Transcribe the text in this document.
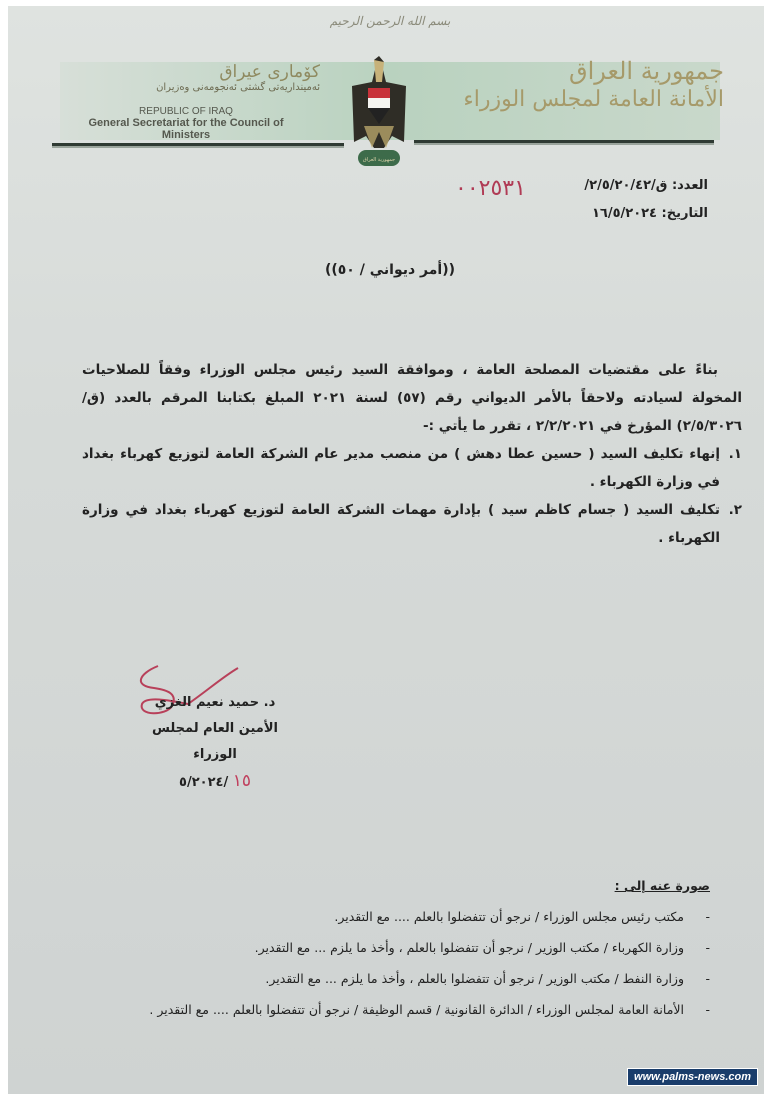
بسم الله الرحمن الرحيم
جمهورية العراق
الأمانة العامة لمجلس الوزراء
کۆماری عیراق
ئەمینداریەتی گشتی ئەنجومەنی وەزیران
REPUBLIC OF IRAQ
General Secretariat for the Council of Ministers
جمهورية العراق
العدد: ق/٢/٥/٢٠/٤٢/
٠٠٢٥٣١
التاريخ: ١٦/٥/٢٠٢٤
((أمر ديواني / ٥٠))

بناءً على مقتضيات المصلحة العامة ، وموافقة السيد رئيس مجلس الوزراء وفقاً للصلاحيات المخولة لسيادته ولاحقاً بالأمر الديواني رقم (٥٧) لسنة ٢٠٢١ المبلغ بكتابنا المرقم بالعدد (ق/٢/٥/٣٠٢٦) المؤرخ في ٢/٢/٢٠٢١ ، تقرر ما يأتي :-

١.
إنهاء تكليف السيد ( حسين عطا دهش ) من منصب مدير عام الشركة العامة لتوزيع كهرباء بغداد في وزارة الكهرباء .
٢.
تكليف السيد ( جسام كاظم سيد ) بإدارة مهمات الشركة العامة لتوزيع كهرباء بغداد في وزارة الكهرباء .
د. حميد نعيم الغزي
الأمين العام لمجلس الوزراء
١٥ /٥/٢٠٢٤
صورة عنه إلى :
-مكتب رئيس مجلس الوزراء / نرجو أن تتفضلوا بالعلم .... مع التقدير.
-وزارة الكهرباء / مكتب الوزير / نرجو أن تتفضلوا بالعلم ، وأخذ ما يلزم ... مع التقدير.
-وزارة النفط / مكتب الوزير / نرجو أن تتفضلوا بالعلم ، وأخذ ما يلزم ... مع التقدير.
-الأمانة العامة لمجلس الوزراء / الدائرة القانونية / قسم الوظيفة / نرجو أن تتفضلوا بالعلم .... مع التقدير .
www.palms-news.com
